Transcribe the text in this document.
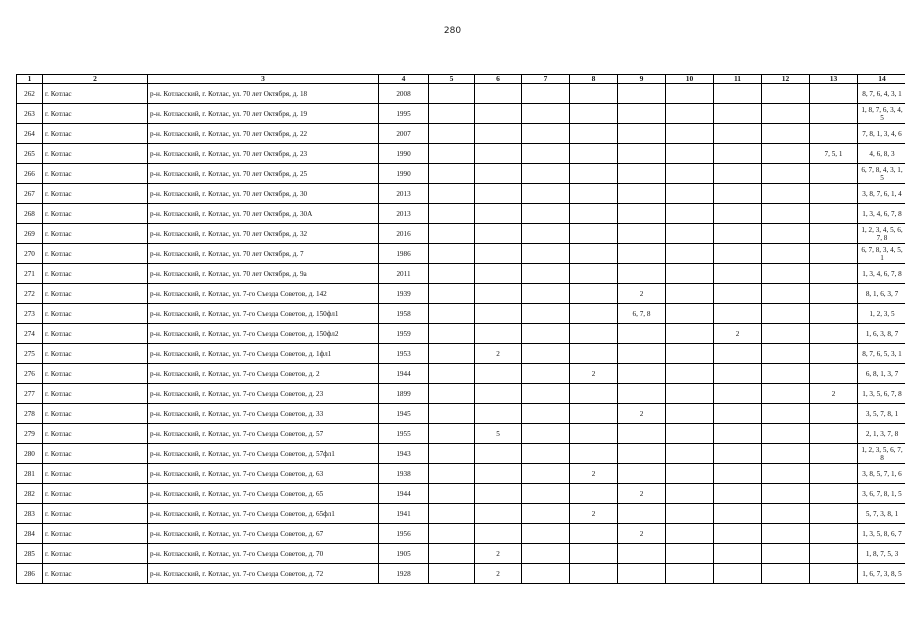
280
1	2	3	4	5	6	7	8	9	10	11	12	13	14
262	г. Котлас	р-н. Котласский, г. Котлас, ул. 70 лет Октября, д. 18	2008										8, 7, 6, 4, 3, 1
263	г. Котлас	р-н. Котласский, г. Котлас, ул. 70 лет Октября, д. 19	1995										1, 8, 7, 6, 3, 4, 5
264	г. Котлас	р-н. Котласский, г. Котлас, ул. 70 лет Октября, д. 22	2007										7, 8, 1, 3, 4, 6
265	г. Котлас	р-н. Котласский, г. Котлас, ул. 70 лет Октября, д. 23	1990									7, 5, 1	4, 6, 8, 3
266	г. Котлас	р-н. Котласский, г. Котлас, ул. 70 лет Октября, д. 25	1990										6, 7, 8, 4, 3, 1, 5
267	г. Котлас	р-н. Котласский, г. Котлас, ул. 70 лет Октября, д. 30	2013										3, 8, 7, 6, 1, 4
268	г. Котлас	р-н. Котласский, г. Котлас, ул. 70 лет Октября, д. 30А	2013										1, 3, 4, 6, 7, 8
269	г. Котлас	р-н. Котласский, г. Котлас, ул. 70 лет Октября, д. 32	2016										1, 2, 3, 4, 5, 6, 7, 8
270	г. Котлас	р-н. Котласский, г. Котлас, ул. 70 лет Октября, д. 7	1986										6, 7, 8, 3, 4, 5, 1
271	г. Котлас	р-н. Котласский, г. Котлас, ул. 70 лет Октября, д. 9а	2011										1, 3, 4, 6, 7, 8
272	г. Котлас	р-н. Котласский, г. Котлас, ул. 7-го Съезда Советов, д. 142	1939					2					8, 1, 6, 3, 7
273	г. Котлас	р-н. Котласский, г. Котлас, ул. 7-го Съезда Советов, д. 150фл1	1958					6, 7, 8					1, 2, 3, 5
274	г. Котлас	р-н. Котласский, г. Котлас, ул. 7-го Съезда Советов, д. 150фл2	1959							2			1, 6, 3, 8, 7
275	г. Котлас	р-н. Котласский, г. Котлас, ул. 7-го Съезда Советов, д. 1фл1	1953		2								8, 7, 6, 5, 3, 1
276	г. Котлас	р-н. Котласский, г. Котлас, ул. 7-го Съезда Советов, д. 2	1944				2						6, 8, 1, 3, 7
277	г. Котлас	р-н. Котласский, г. Котлас, ул. 7-го Съезда Советов, д. 23	1899									2	1, 3, 5, 6, 7, 8
278	г. Котлас	р-н. Котласский, г. Котлас, ул. 7-го Съезда Советов, д. 33	1945					2					3, 5, 7, 8, 1
279	г. Котлас	р-н. Котласский, г. Котлас, ул. 7-го Съезда Советов, д. 57	1955		5								2, 1, 3, 7, 8
280	г. Котлас	р-н. Котласский, г. Котлас, ул. 7-го Съезда Советов, д. 57фл1	1943										1, 2, 3, 5, 6, 7, 8
281	г. Котлас	р-н. Котласский, г. Котлас, ул. 7-го Съезда Советов, д. 63	1938				2						3, 8, 5, 7, 1, 6
282	г. Котлас	р-н. Котласский, г. Котлас, ул. 7-го Съезда Советов, д. 65	1944					2					3, 6, 7, 8, 1, 5
283	г. Котлас	р-н. Котласский, г. Котлас, ул. 7-го Съезда Советов, д. 65фл1	1941				2						5, 7, 3, 8, 1
284	г. Котлас	р-н. Котласский, г. Котлас, ул. 7-го Съезда Советов, д. 67	1956					2					1, 3, 5, 8, 6, 7
285	г. Котлас	р-н. Котласский, г. Котлас, ул. 7-го Съезда Советов, д. 70	1905		2								1, 8, 7, 5, 3
286	г. Котлас	р-н. Котласский, г. Котлас, ул. 7-го Съезда Советов, д. 72	1928		2								1, 6, 7, 3, 8, 5
